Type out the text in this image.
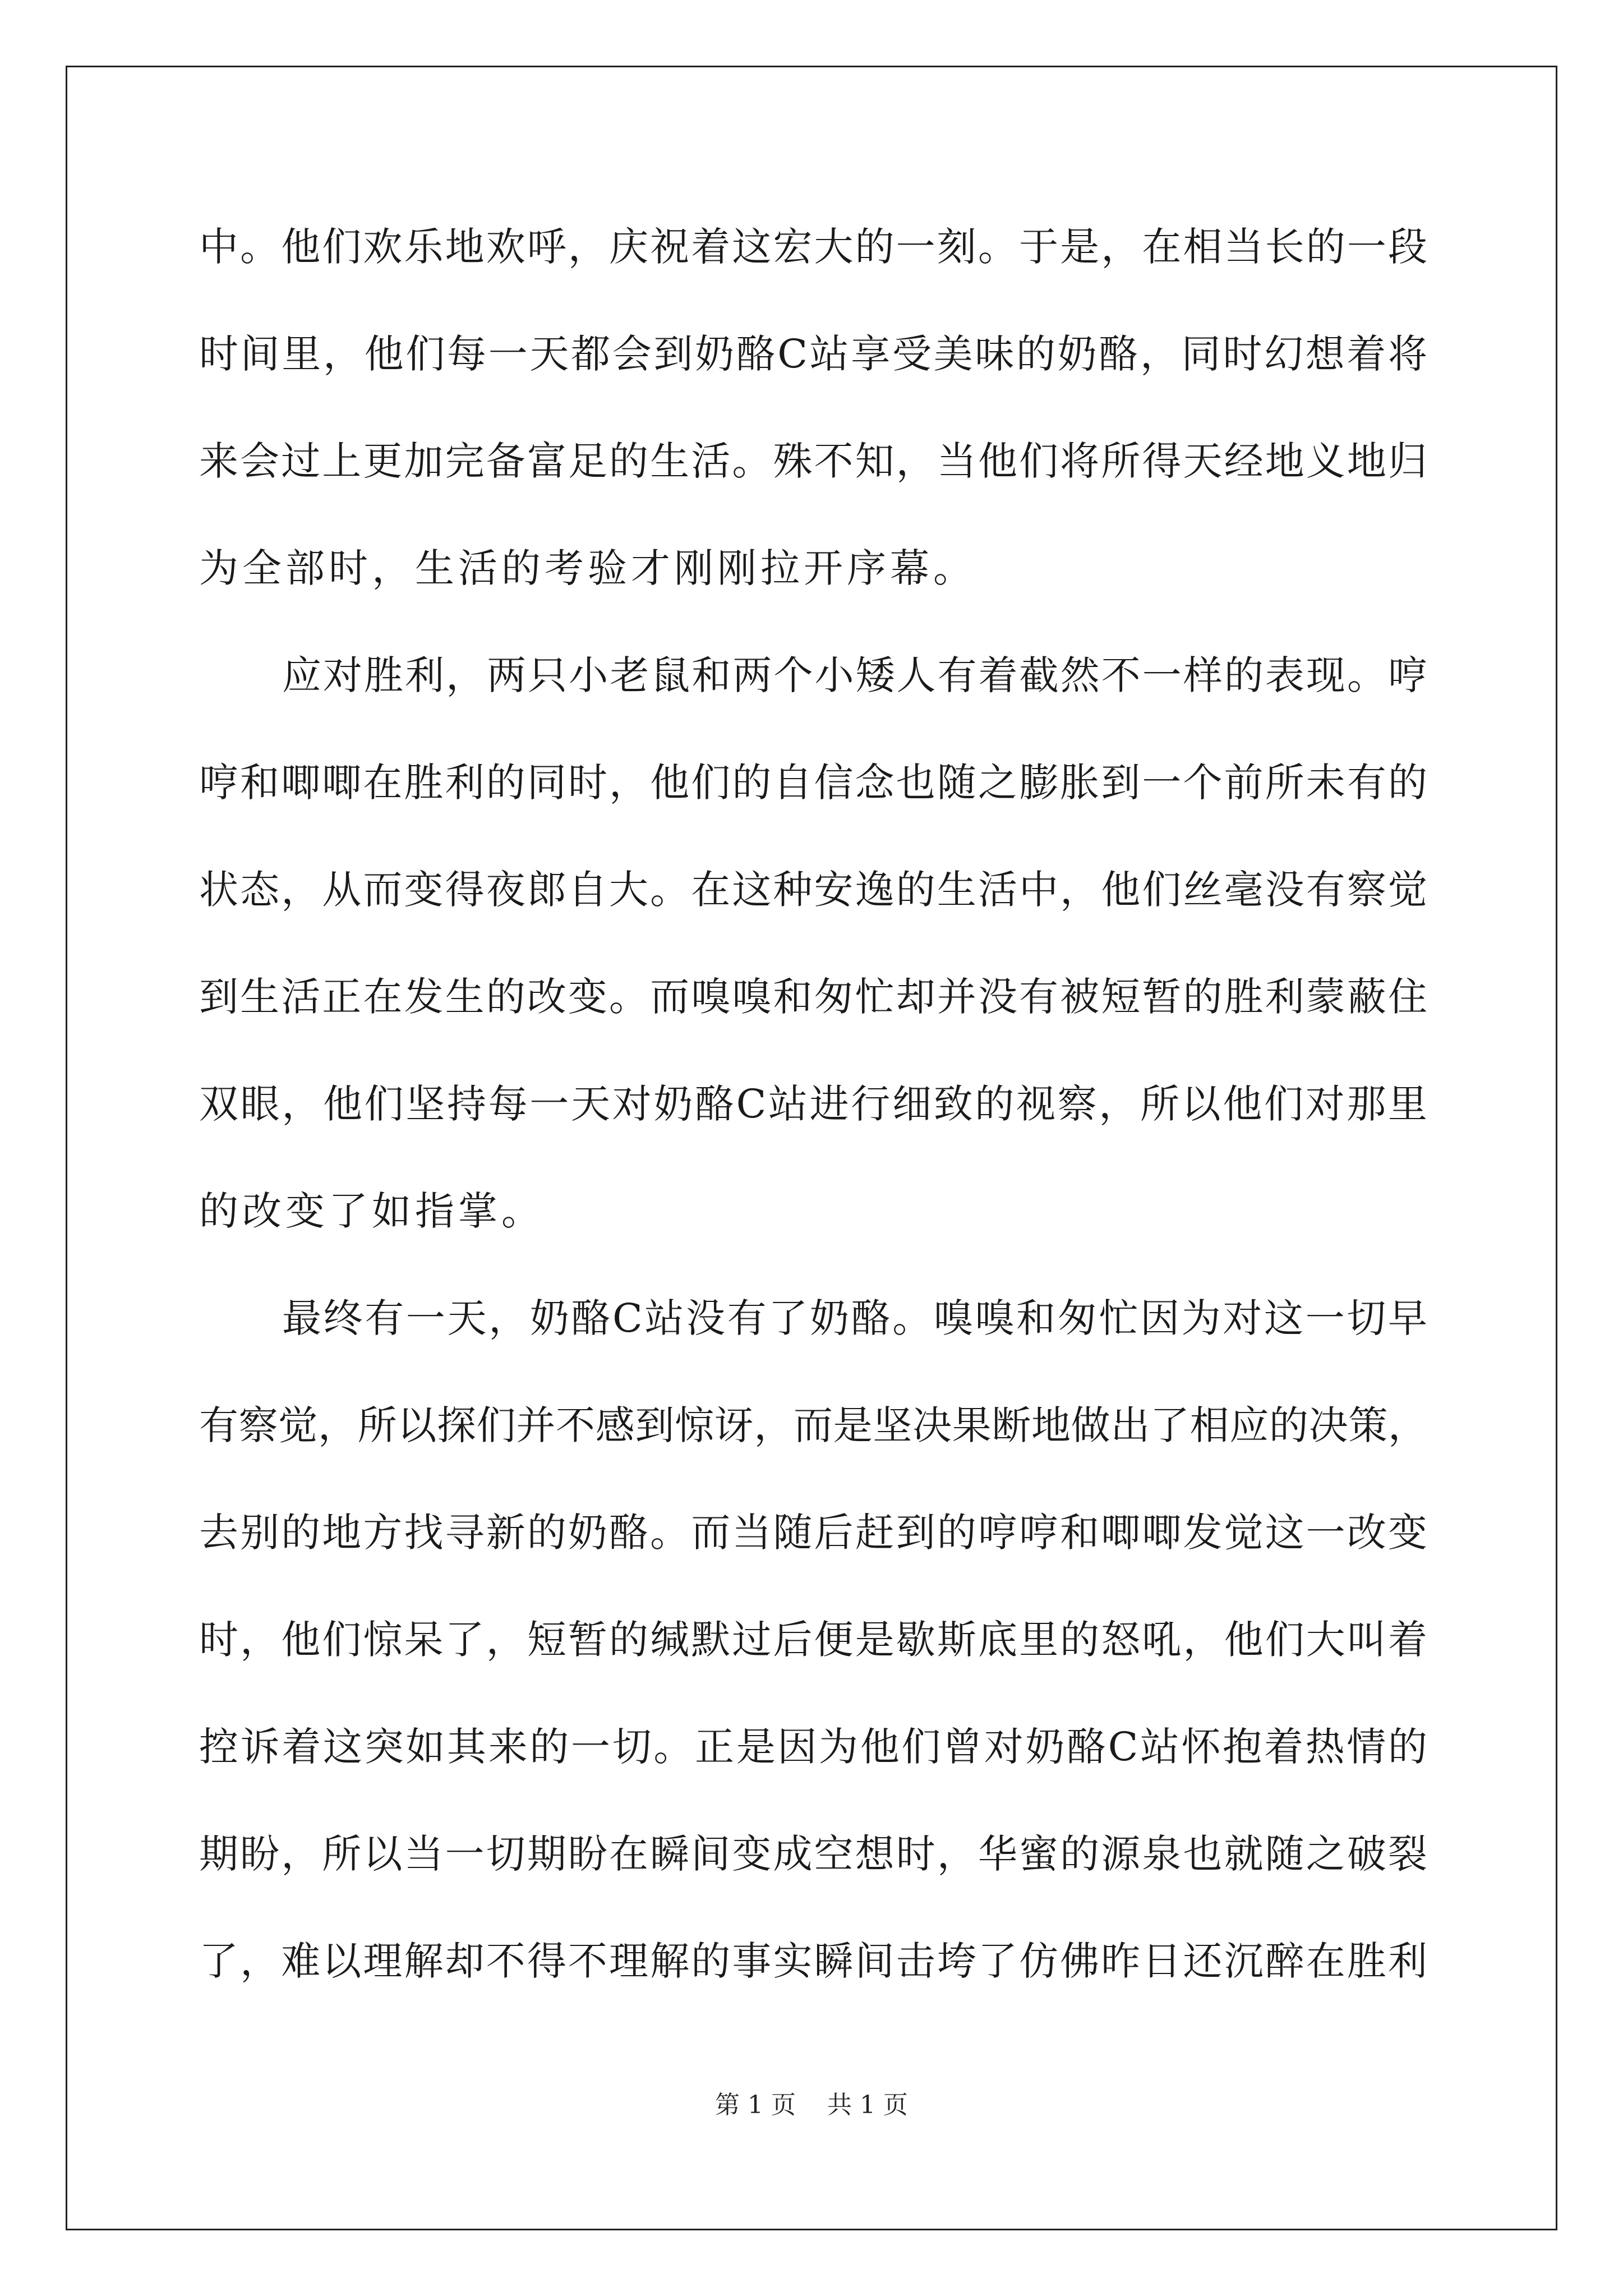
中。他们欢乐地欢呼，庆祝着这宏大的一刻。于是，在相当长的一段
时间里，他们每一天都会到奶酪C站享受美味的奶酪，同时幻想着将
来会过上更加完备富足的生活。殊不知，当他们将所得天经地义地归
为全部时，生活的考验才刚刚拉开序幕。
应对胜利，两只小老鼠和两个小矮人有着截然不一样的表现。哼
哼和唧唧在胜利的同时，他们的自信念也随之膨胀到一个前所未有的
状态，从而变得夜郎自大。在这种安逸的生活中，他们丝毫没有察觉
到生活正在发生的改变。而嗅嗅和匆忙却并没有被短暂的胜利蒙蔽住
双眼，他们坚持每一天对奶酪C站进行细致的视察，所以他们对那里
的改变了如指掌。
最终有一天，奶酪C站没有了奶酪。嗅嗅和匆忙因为对这一切早
有察觉，所以探们并不感到惊讶，而是坚决果断地做出了相应的决策，
去别的地方找寻新的奶酪。而当随后赶到的哼哼和唧唧发觉这一改变
时，他们惊呆了，短暂的缄默过后便是歇斯底里的怒吼，他们大叫着
控诉着这突如其来的一切。正是因为他们曾对奶酪C站怀抱着热情的
期盼，所以当一切期盼在瞬间变成空想时，华蜜的源泉也就随之破裂
了，难以理解却不得不理解的事实瞬间击垮了仿佛昨日还沉醉在胜利
第 1 页 共 1 页
